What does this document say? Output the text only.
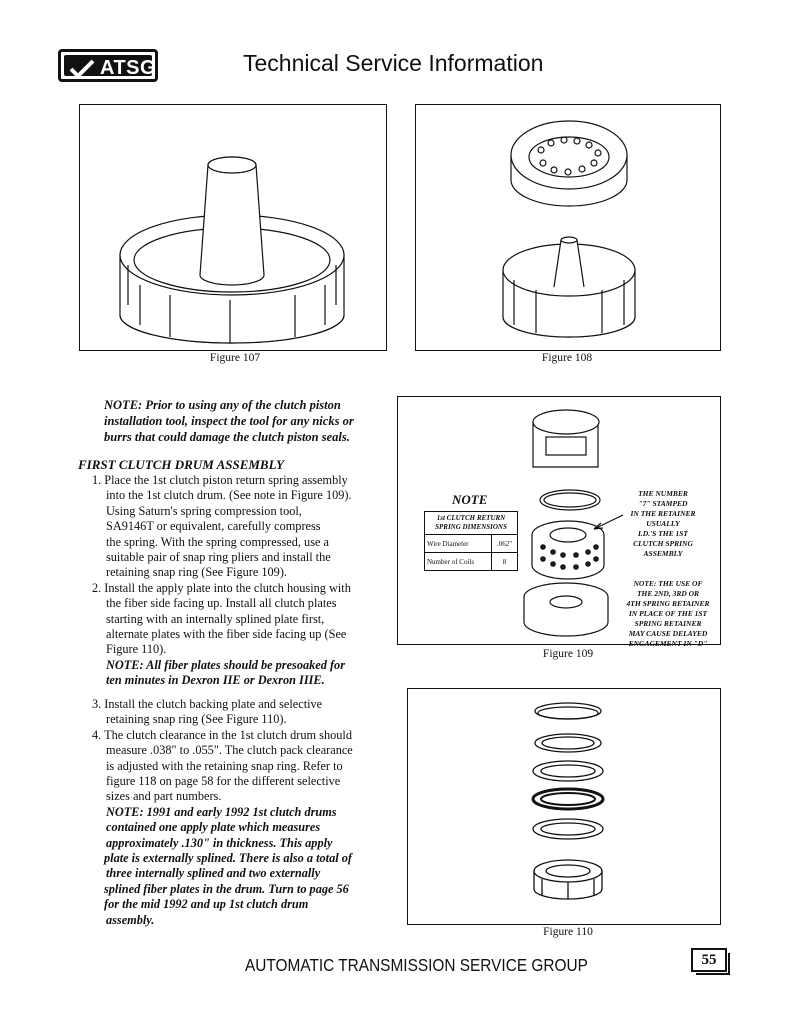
ATSG	Technical Service Information
Figure 107	Figure 108
NOTE: Prior to using any of the clutch piston
installation tool, inspect the tool for any nicks or
burrs that could damage the clutch piston seals.
FIRST CLUTCH DRUM ASSEMBLY
1. Place the 1st clutch piston return spring assembly
into the 1st clutch drum. (See note in Figure 109).
Using Saturn's spring compression tool,
SA9146T or equivalent, carefully compress
the spring. With the spring compressed, use a
suitable pair of snap ring pliers and install the
retaining snap ring (See Figure 109).
2. Install the apply plate into the clutch housing with
the fiber side facing up. Install all clutch plates
starting with an internally splined plate first,
alternate plates with the fiber side facing up (See
Figure 110).
NOTE: All fiber plates should be presoaked for
ten minutes in Dexron IIE or Dexron IIIE.
3. Install the clutch backing plate and selective
retaining snap ring (See Figure 110).
4. The clutch clearance in the 1st clutch drum should
measure .038" to .055". The clutch pack clearance
is adjusted with the retaining snap ring. Refer to
figure 118 on page 58 for the different selective
sizes and part numbers.
NOTE: 1991 and early 1992 1st clutch drums
contained one apply plate which measures
approximately .130" in thickness. This apply
plate is externally splined. There is also a total of
three internally splined and two externally
splined fiber plates in the drum. Turn to page 56
for the mid 1992 and up 1st clutch drum
assembly.
NOTE
1st CLUTCH RETURN
SPRING DIMENSIONS	
Wire Diameter	.062"
Number of Coils	8
THE NUMBER
"7" STAMPED
IN THE RETAINER
USUALLY
I.D.'S THE 1ST
CLUTCH SPRING
ASSEMBLY
NOTE: THE USE OF
THE 2ND, 3RD OR
4TH SPRING RETAINER
IN PLACE OF THE 1ST
SPRING RETAINER
MAY CAUSE DELAYED
ENGAGEMENT IN "D"
Figure 109
Figure 110
AUTOMATIC TRANSMISSION SERVICE GROUP	55
